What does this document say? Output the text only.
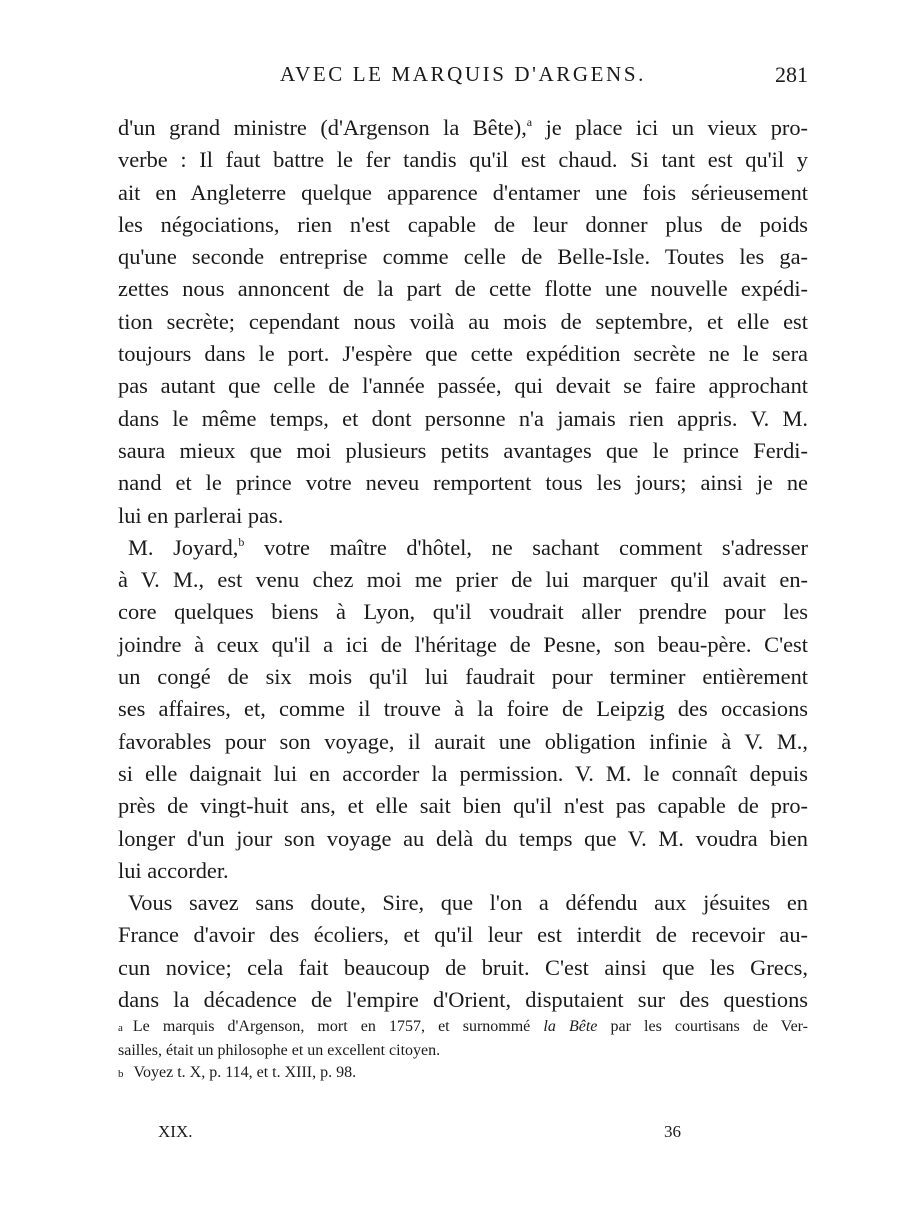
AVEC LE MARQUIS D'ARGENS.	281
d'un grand ministre (d'Argenson la Bête),$^a$ je place ici un vieux pro-
verbe : Il faut battre le fer tandis qu'il est chaud. Si tant est qu'il y
ait en Angleterre quelque apparence d'entamer une fois sérieusement
les négociations, rien n'est capable de leur donner plus de poids
qu'une seconde entreprise comme celle de Belle-Isle. Toutes les ga-
zettes nous annoncent de la part de cette flotte une nouvelle expédi-
tion secrète; cependant nous voilà au mois de septembre, et elle est
toujours dans le port. J'espère que cette expédition secrète ne le sera
pas autant que celle de l'année passée, qui devait se faire approchant
dans le même temps, et dont personne n'a jamais rien appris. V. M.
saura mieux que moi plusieurs petits avantages que le prince Ferdi-
nand et le prince votre neveu remportent tous les jours; ainsi je ne
lui en parlerai pas.
M. Joyard,$^b$ votre maître d'hôtel, ne sachant comment s'adresser
à V. M., est venu chez moi me prier de lui marquer qu'il avait en-
core quelques biens à Lyon, qu'il voudrait aller prendre pour les
joindre à ceux qu'il a ici de l'héritage de Pesne, son beau-père. C'est
un congé de six mois qu'il lui faudrait pour terminer entièrement
ses affaires, et, comme il trouve à la foire de Leipzig des occasions
favorables pour son voyage, il aurait une obligation infinie à V. M.,
si elle daignait lui en accorder la permission. V. M. le connaît depuis
près de vingt-huit ans, et elle sait bien qu'il n'est pas capable de pro-
longer d'un jour son voyage au delà du temps que V. M. voudra bien
lui accorder.
Vous savez sans doute, Sire, que l'on a défendu aux jésuites en
France d'avoir des écoliers, et qu'il leur est interdit de recevoir au-
cun novice; cela fait beaucoup de bruit. C'est ainsi que les Grecs,
dans la décadence de l'empire d'Orient, disputaient sur des questions
a Le marquis d'Argenson, mort en 1757, et surnommé la Bête par les courtisans de Ver-
sailles, était un philosophe et un excellent citoyen.
b Voyez t. X, p. 114, et t. XIII, p. 98.
XIX.	36
